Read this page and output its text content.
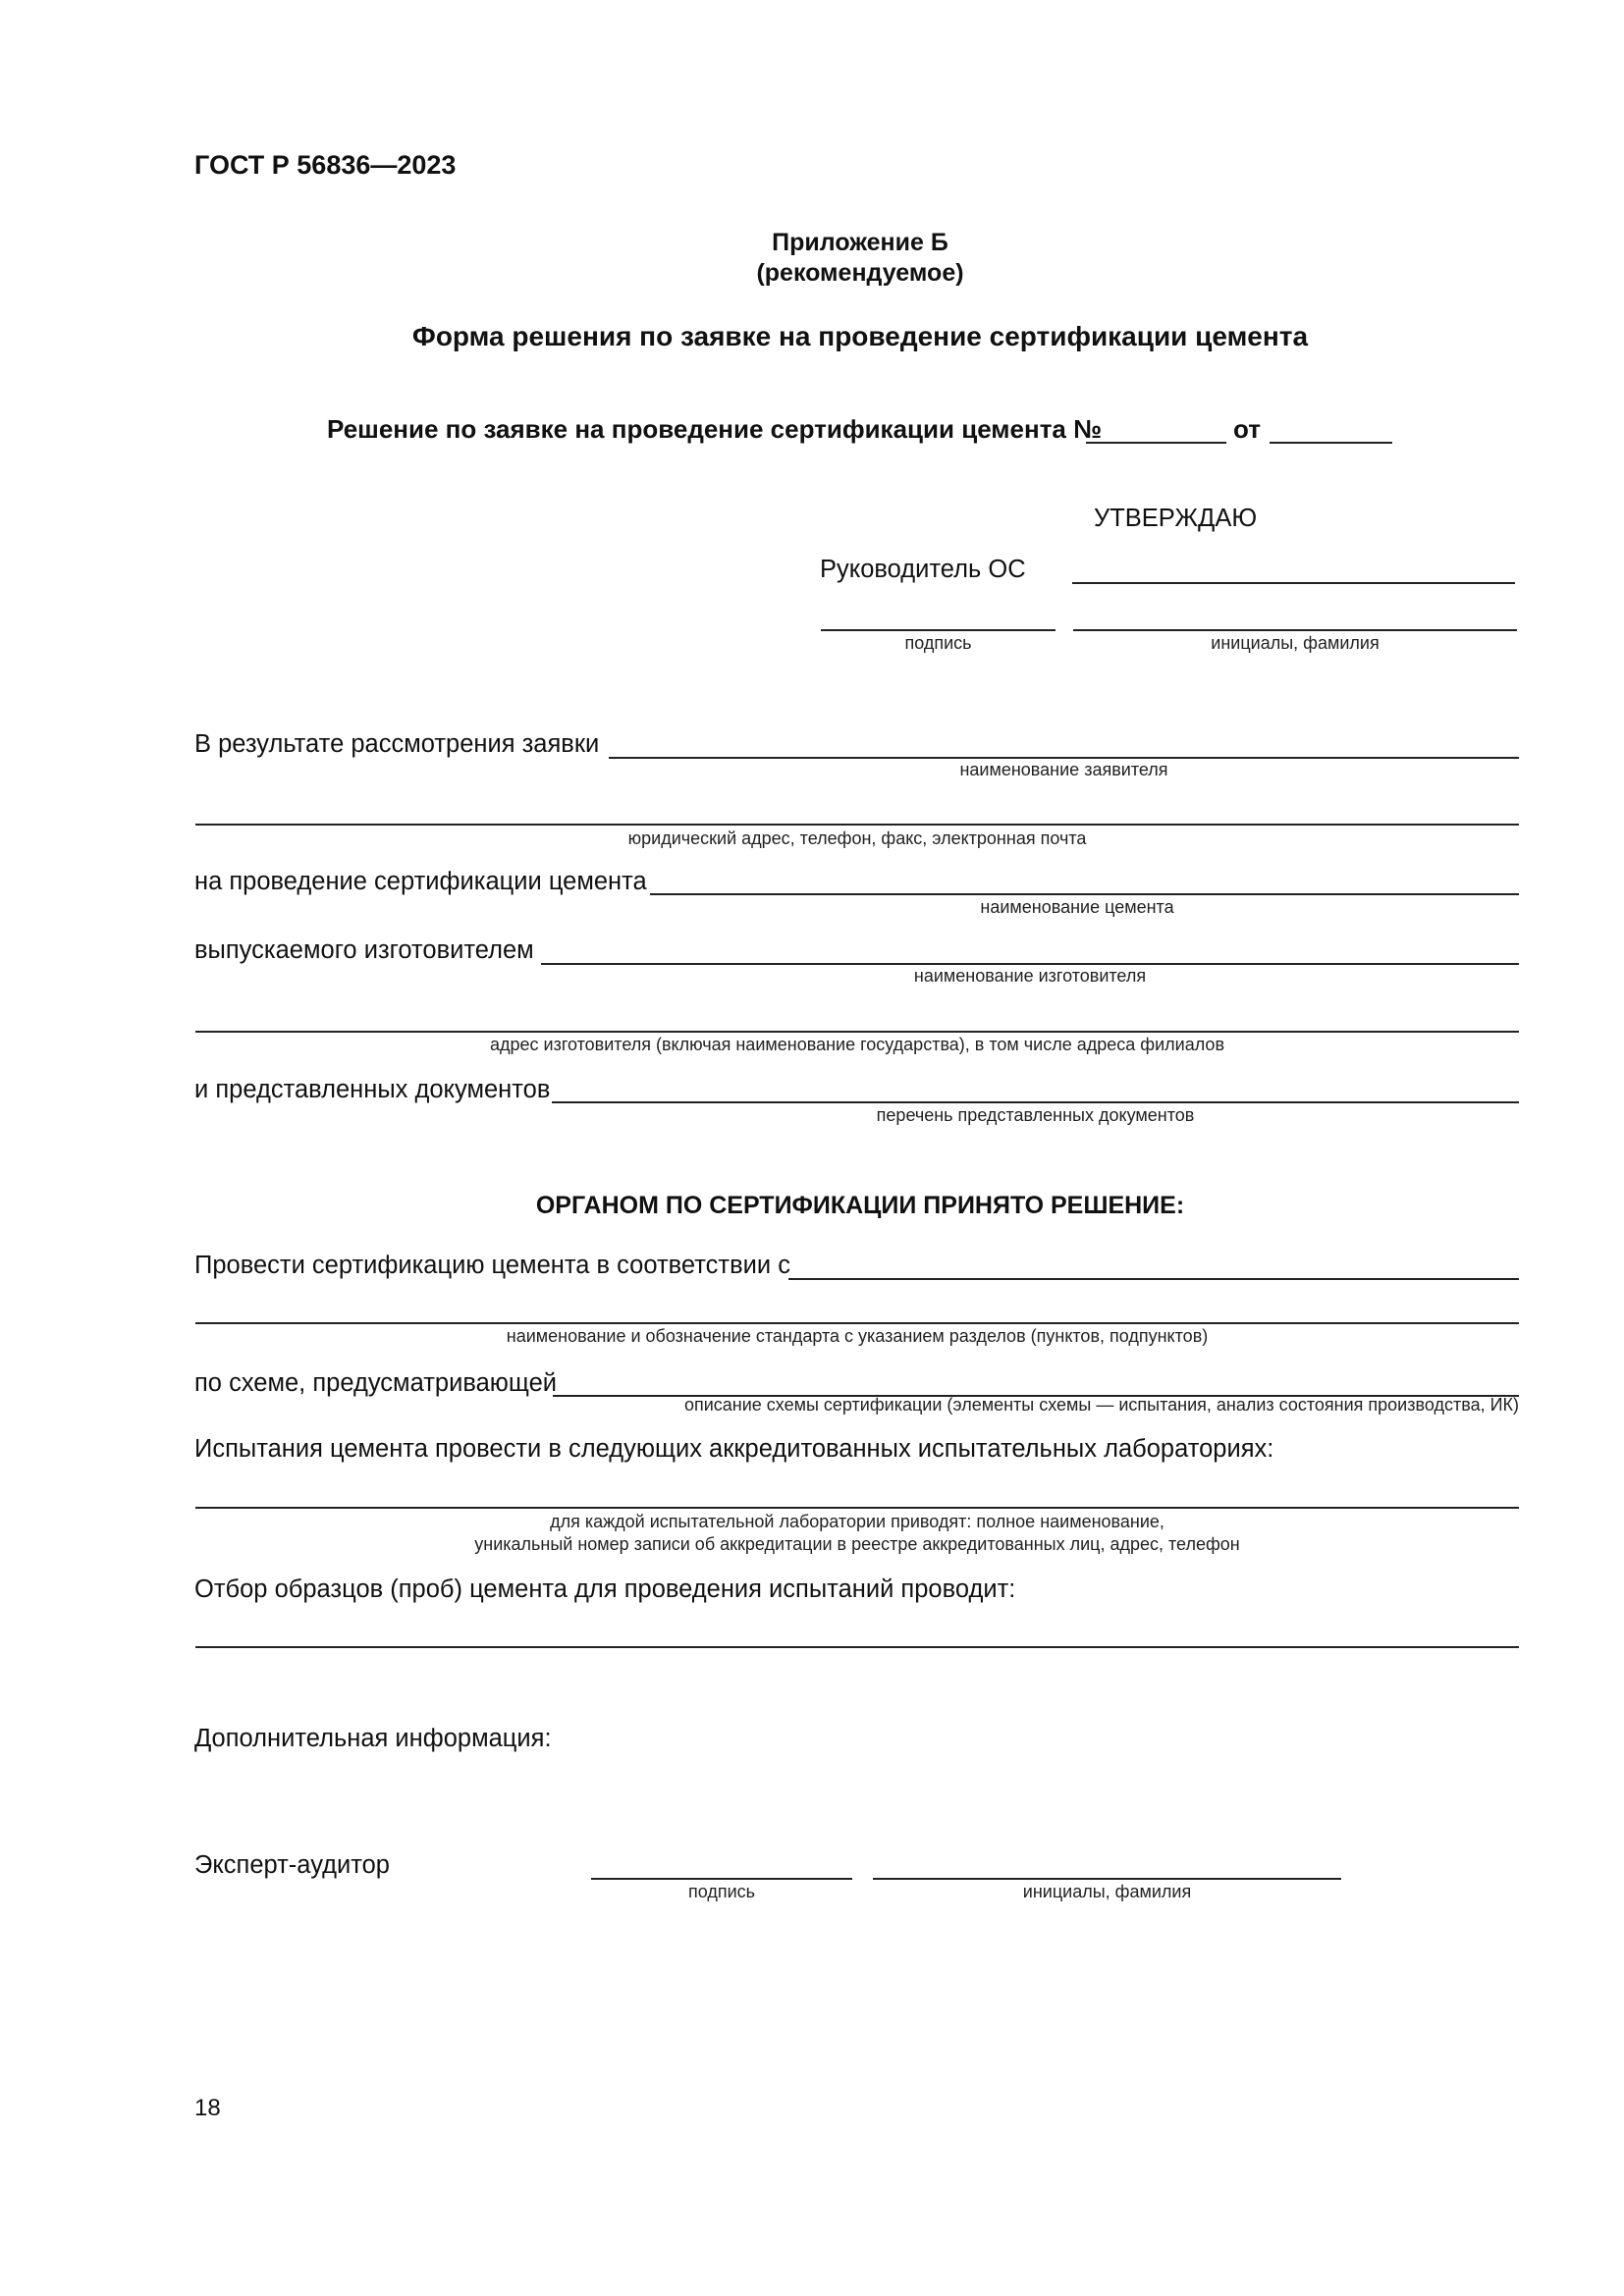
ГОСТ Р 56836—2023
Приложение Б
(рекомендуемое)
Форма решения по заявке на проведение сертификации цемента
Решение по заявке на проведение сертификации цемента №	от
УТВЕРЖДАЮ
Руководитель ОС
подпись	инициалы, фамилия
В результате рассмотрения заявки
наименование заявителя
юридический адрес, телефон, факс, электронная почта
на проведение сертификации цемента
наименование цемента
выпускаемого изготовителем
наименование изготовителя
адрес изготовителя (включая наименование государства), в том числе адреса филиалов
и представленных документов
перечень представленных документов
ОРГАНОМ ПО СЕРТИФИКАЦИИ ПРИНЯТО РЕШЕНИЕ:
Провести сертификацию цемента в соответствии с
наименование и обозначение стандарта с указанием разделов (пунктов, подпунктов)
по схеме, предусматривающей
описание схемы сертификации (элементы схемы — испытания, анализ состояния производства, ИК)
Испытания цемента провести в следующих аккредитованных испытательных лабораториях:
для каждой испытательной лаборатории приводят: полное наименование,
уникальный номер записи об аккредитации в реестре аккредитованных лиц, адрес, телефон
Отбор образцов (проб) цемента для проведения испытаний проводит:
Дополнительная информация:
Эксперт-аудитор
подпись	инициалы, фамилия
18
